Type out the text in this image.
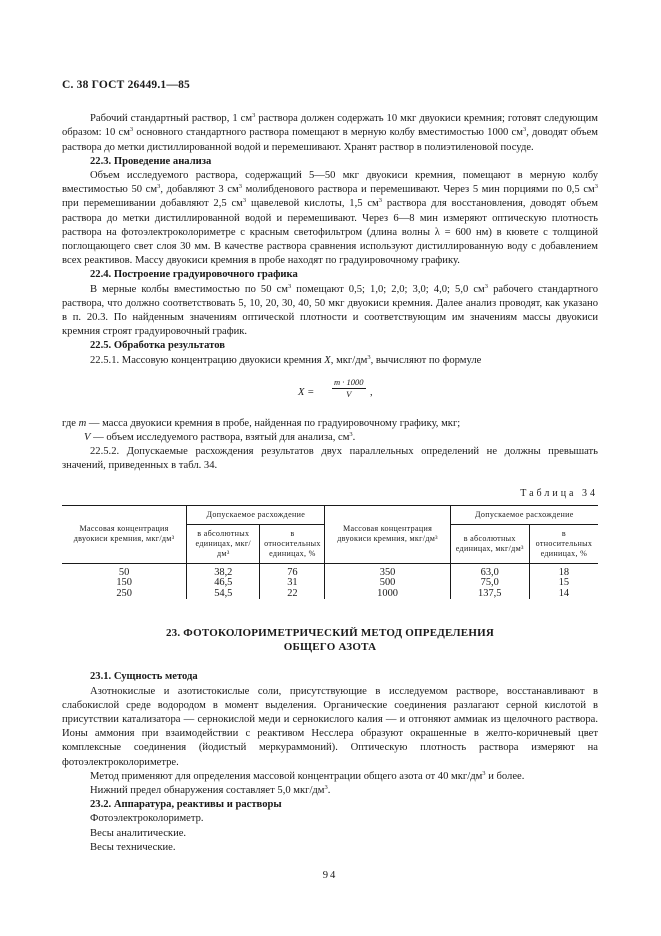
С. 38 ГОСТ 26449.1—85

Рабочий стандартный раствор, 1 $см^3$ раствора должен содержать 10 мкг двуокиси кремния; готовят следующим образом: 10 $см^3$ основного стандартного раствора помещают в мерную колбу вместимостью 1000 $см^3$, доводят объем раствора до метки дистиллированной водой и перемешивают. Хранят раствор в полиэтиленовой посуде.

22.3. Проведение анализа

Объем исследуемого раствора, содержащий 5—50 мкг двуокиси кремния, помещают в мерную колбу вместимостью 50 $см^3$, добавляют 3 $см^3$ молибденового раствора и перемешивают. Через 5 мин порциями по 0,5 $см^3$ при перемешивании добавляют 2,5 $см^3$ щавелевой кислоты, 1,5 $см^3$ раствора для восстановления, доводят объем раствора до метки дистиллированной водой и перемешивают. Через 6—8 мин измеряют оптическую плотность раствора на фотоэлектроколориметре с красным светофильтром (длина волны λ = 600 нм) в кювете с толщиной поглощающего свет слоя 30 мм. В качестве раствора сравнения используют дистиллированную воду с добавлением всех реактивов. Массу двуокиси кремния в пробе находят по градуировочному графику.

22.4. Построение градуировочного графика

В мерные колбы вместимостью по 50 $см^3$ помещают 0,5; 1,0; 2,0; 3,0; 4,0; 5,0 $см^3$ рабочего стандартного раствора, что должно соответствовать 5, 10, 20, 30, 40, 50 мкг двуокиси кремния. Далее анализ проводят, как указано в п. 20.3. По найденным значениям оптической плотности и соответствующим им значениям массы двуокиси кремния строят градуировочный график.

22.5. Обработка результатов

22.5.1. Массовую концентрацию двуокиси кремния X, мкг/$дм^3$, вычисляют по формуле

$X = \frac{m \cdot 1000}{V}$ ,

где m — масса двуокиси кремния в пробе, найденная по градуировочному графику, мкг;

V — объем исследуемого раствора, взятый для анализа, $см^3$.

22.5.2. Допускаемые расхождения результатов двух параллельных определений не должны превышать значений, приведенных в табл. 34.

Таблица 34
Массовая концентрация двуокиси кремния, мкг/дм³	Допускаемое расхождение		Массовая концентрация двуокиси кремния, мкг/дм³	Допускаемое расхождение	
	в абсолютных единицах, мкг/дм³	в относительных единицах, %		в абсолютных единицах, мкг/дм³	в относительных единицах, %
50	38,2	76	350	63,0	18
150	46,5	31	500	75,0	15
250	54,5	22	1000	137,5	14
23. ФОТОКОЛОРИМЕТРИЧЕСКИЙ МЕТОД ОПРЕДЕЛЕНИЯ
ОБЩЕГО АЗОТА
23.1. Сущность метода

Азотнокислые и азотистокислые соли, присутствующие в исследуемом растворе, восстанавливают в слабокислой среде водородом в момент выделения. Органические соединения разлагают серной кислотой в присутствии катализатора — сернокислой меди и сернокислого калия — и отгоняют аммиак из щелочного раствора. Ионы аммония при взаимодействии с реактивом Несслера образуют окрашенные в желто-коричневый цвет комплексные соединения (йодистый меркураммоний). Оптическую плотность раствора измеряют на фотоэлектроколориметре.

Метод применяют для определения массовой концентрации общего азота от 40 мкг/$дм^3$ и более.

Нижний предел обнаружения составляет 5,0 мкг/$дм^3$.

23.2. Аппаратура, реактивы и растворы

Фотоэлектроколориметр.

Весы аналитические.

Весы технические.

94
